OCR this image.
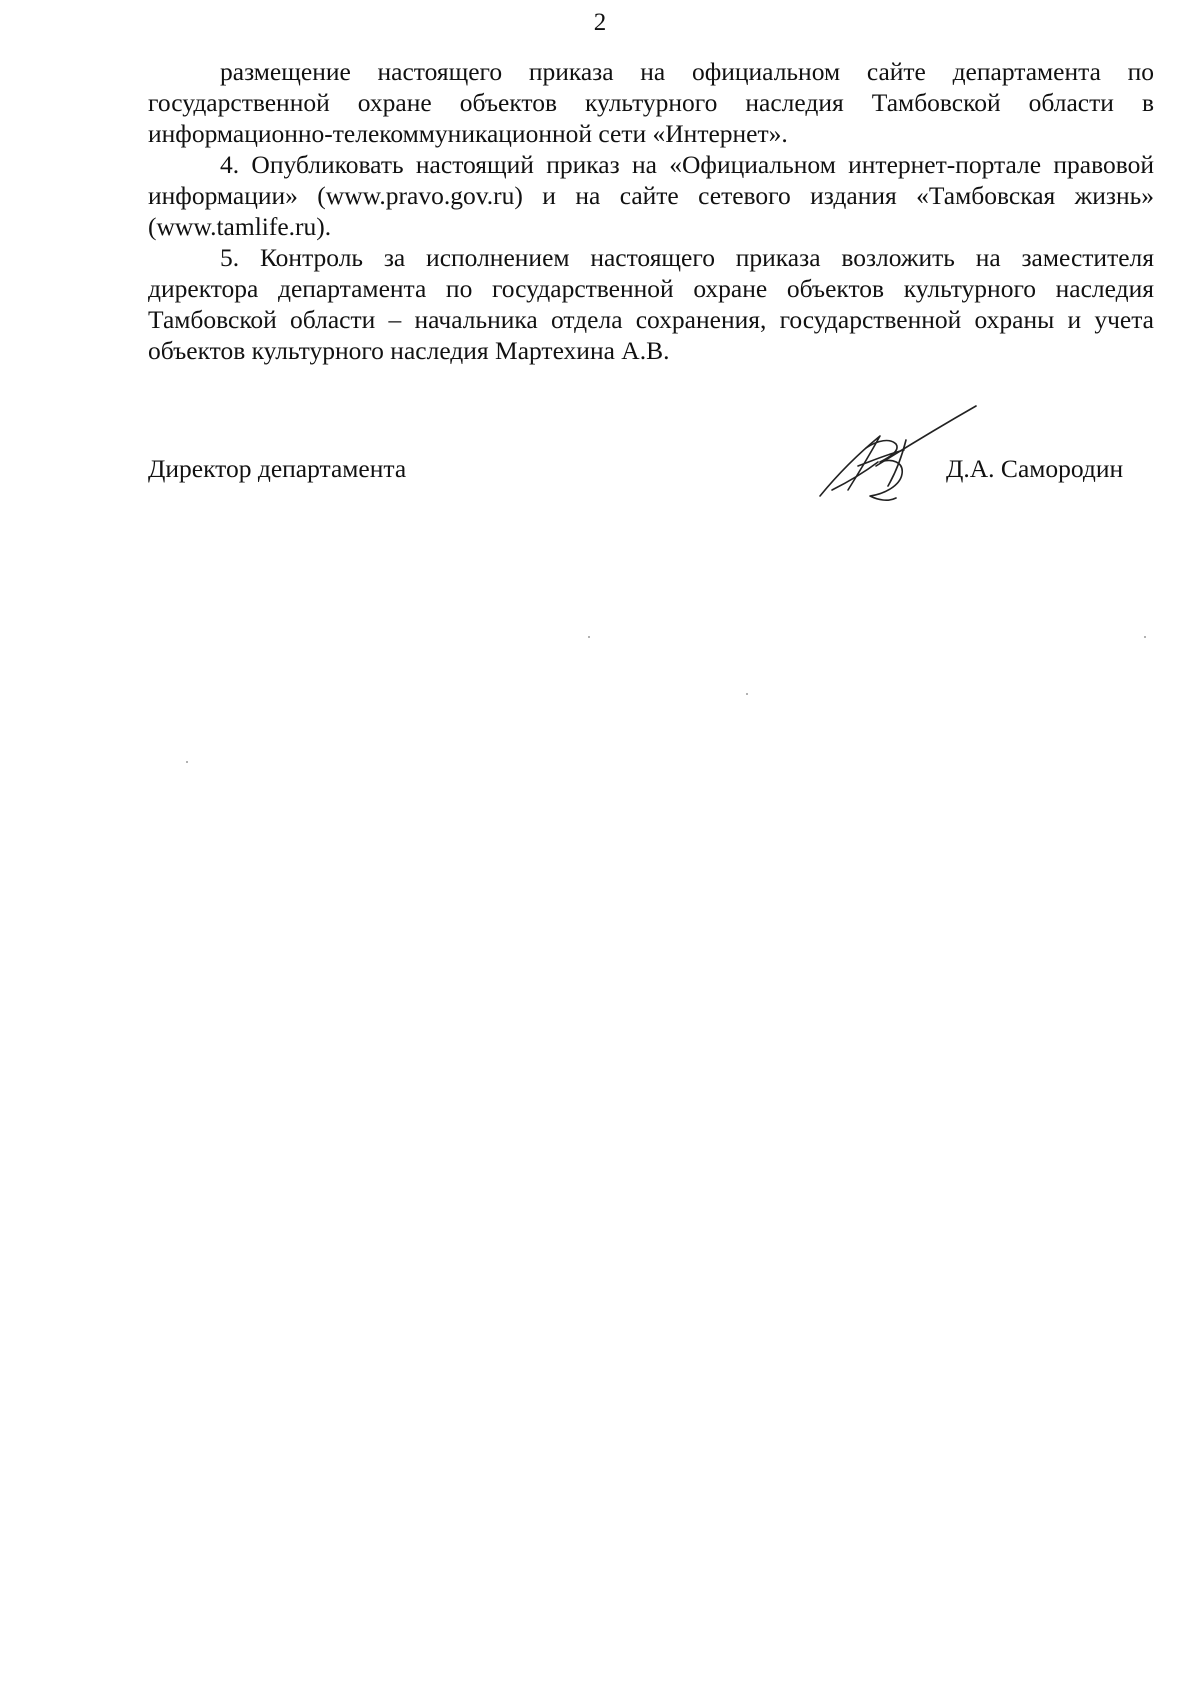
2

размещение настоящего приказа на официальном сайте департамента по государственной охране объектов культурного наследия Тамбовской области в информационно-телекоммуникационной сети «Интернет».

4. Опубликовать настоящий приказ на «Официальном интернет-портале правовой информации» (www.pravo.gov.ru) и на сайте сетевого издания «Тамбовская жизнь» (www.tamlife.ru).

5. Контроль за исполнением настоящего приказа возложить на заместителя директора департамента по государственной охране объектов культурного наследия Тамбовской области – начальника отдела сохранения, государственной охраны и учета объектов культурного наследия Мартехина А.В.

Директор департамента	Д.А. Самородин
